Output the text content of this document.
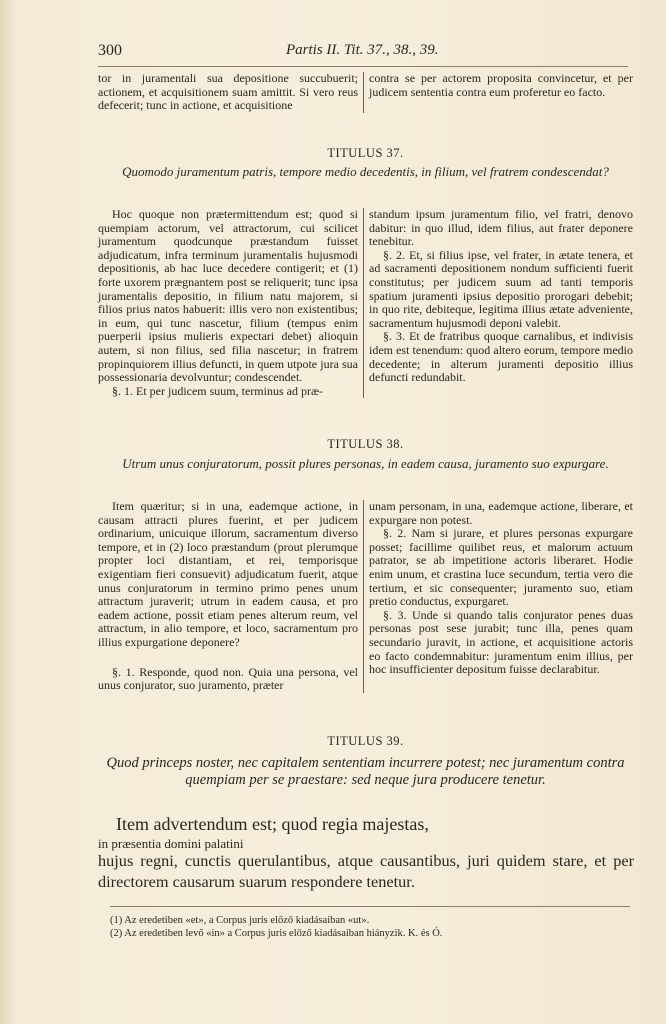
300	Partis II. Tit. 37., 38., 39.

tor in juramentali sua depositione succubuerit; actionem, et acquisitionem suam amittit. Si vero reus defecerit; tunc in actione, et acquisitione

contra se per actorem proposita convincetur, et per judicem sententia contra eum proferetur eo facto.

TITULUS 37.
Quomodo juramentum patris, tempore medio decedentis, in filium, vel fratrem condescendat?

Hoc quoque non prætermittendum est; quod si quempiam actorum, vel attractorum, cui scilicet juramentum quodcunque præstandum fuisset adjudicatum, infra terminum juramentalis hujusmodi depositionis, ab hac luce decedere contigerit; et (1) forte uxorem prægnantem post se reliquerit; tunc ipsa juramentalis depositio, in filium natu majorem, si filios prius natos habuerit: illis vero non existentibus; in eum, qui tunc nascetur, filium (tempus enim puerperii ipsius mulieris expectari debet) alioquin autem, si non filius, sed filia nascetur; in fratrem propinquiorem illius defuncti, in quem utpote jura sua possessionaria devolvuntur; condescendet.

§. 1. Et per judicem suum, terminus ad præ-

standum ipsum juramentum filio, vel fratri, denovo dabitur: in quo illud, idem filius, aut frater deponere tenebitur.

§. 2. Et, si filius ipse, vel frater, in ætate tenera, et ad sacramenti depositionem nondum sufficienti fuerit constitutus; per judicem suum ad tanti temporis spatium juramenti ipsius depositio prorogari debebit; in quo rite, debiteque, legitima illius ætate adveniente, sacramentum hujusmodi deponi valebit.

§. 3. Et de fratribus quoque carnalibus, et indivisis idem est tenendum: quod altero eorum, tempore medio decedente; in alterum juramenti depositio illius defuncti redundabit.

TITULUS 38.
Utrum unus conjuratorum, possit plures personas, in eadem causa, juramento suo expurgare.

Item quæritur; si in una, eademque actione, in causam attracti plures fuerint, et per judicem ordinarium, unicuique illorum, sacramentum diverso tempore, et in (2) loco præstandum (prout plerumque propter loci distantiam, et rei, temporisque exigentiam fieri consuevit) adjudicatum fuerit, atque unus conjuratorum in termino primo penes unum attractum juraverit; utrum in eadem causa, et pro eadem actione, possit etiam penes alterum reum, vel attractum, in alio tempore, et loco, sacramentum pro illius expurgatione deponere?

§. 1. Responde, quod non. Quia una persona, vel unus conjurator, suo juramento, præter

unam personam, in una, eademque actione, liberare, et expurgare non potest.

§. 2. Nam si jurare, et plures personas expurgare posset; facillime quilibet reus, et malorum actuum patrator, se ab impetitione actoris liberaret. Hodie enim unum, et crastina luce secundum, tertia vero die tertium, et sic consequenter; juramento suo, etiam pretio conductus, expurgaret.

§. 3. Unde si quando talis conjurator penes duas personas post sese jurabit; tunc illa, penes quam secundario juravit, in actione, et acquisitione actoris eo facto condemnabitur: juramentum enim illius, per hoc insufficienter depositum fuisse declarabitur.

TITULUS 39.
Quod princeps noster, nec capitalem sententiam incurrere potest; nec juramentum contra quempiam per se praestare: sed neque jura producere tenetur.
Item advertendum est; quod regia majestas,
in præsentia domini palatini
hujus regni, cunctis querulantibus, atque causantibus, juri quidem stare, et per directorem causarum suarum respondere tenetur.
(1) Az eredetiben «et», a Corpus juris előző kiadásaiban «ut».
(2) Az eredetiben levő «in» a Corpus juris előző kiadásaiban hiányzik. K. és Ó.
